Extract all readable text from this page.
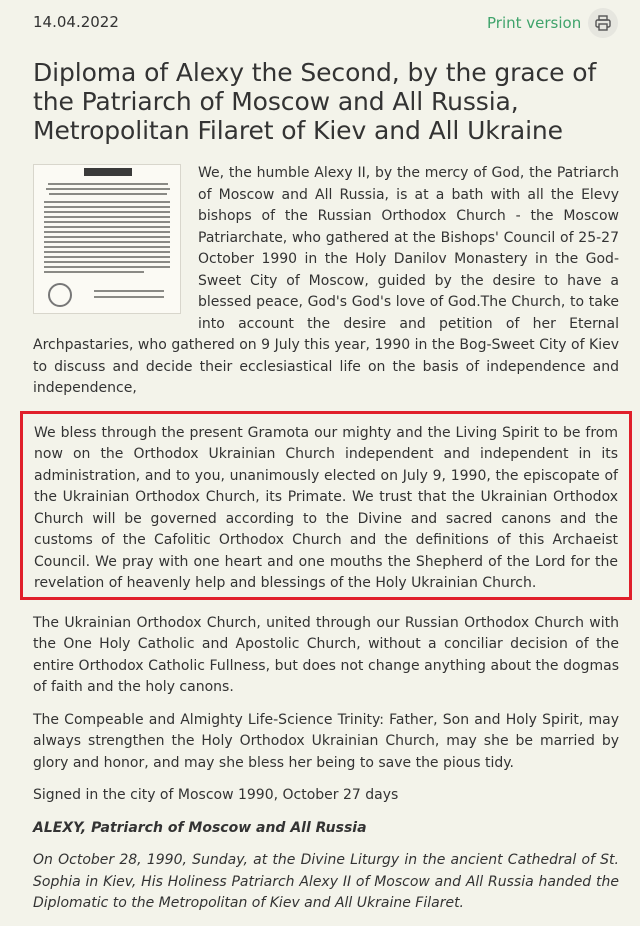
14.04.2022	Print version
Diploma of Alexy the Second, by the grace of the Patriarch of Moscow and All Russia, Metropolitan Filaret of Kiev and All Ukraine

We, the humble Alexy II, by the mercy of God, the Patriarch of Moscow and All Russia, is at a bath with all the Elevy bishops of the Russian Orthodox Church - the Moscow Patriarchate, who gathered at the Bishops' Council of 25-27 October 1990 in the Holy Danilov Monastery in the God-Sweet City of Moscow, guided by the desire to have a blessed peace, God's God's love of God.The Church, to take into account the desire and petition of her Eternal Archpastaries, who gathered on 9 July this year, 1990 in the Bog-Sweet City of Kiev to discuss and decide their ecclesiastical life on the basis of independence and independence,

We bless through the present Gramota our mighty and the Living Spirit to be from now on the Orthodox Ukrainian Church independent and independent in its administration, and to you, unanimously elected on July 9, 1990, the episcopate of the Ukrainian Orthodox Church, its Primate. We trust that the Ukrainian Orthodox Church will be governed according to the Divine and sacred canons and the customs of the Cafolitic Orthodox Church and the definitions of this Archaeist Council. We pray with one heart and one mouths the Shepherd of the Lord for the revelation of heavenly help and blessings of the Holy Ukrainian Church.

The Ukrainian Orthodox Church, united through our Russian Orthodox Church with the One Holy Catholic and Apostolic Church, without a conciliar decision of the entire Orthodox Catholic Fullness, but does not change anything about the dogmas of faith and the holy canons.

The Compeable and Almighty Life-Science Trinity: Father, Son and Holy Spirit, may always strengthen the Holy Orthodox Ukrainian Church, may she be married by glory and honor, and may she bless her being to save the pious tidy.

Signed in the city of Moscow 1990, October 27 days

ALEXY, Patriarch of Moscow and All Russia

On October 28, 1990, Sunday, at the Divine Liturgy in the ancient Cathedral of St. Sophia in Kiev, His Holiness Patriarch Alexy II of Moscow and All Russia handed the Diplomatic to the Metropolitan of Kiev and All Ukraine Filaret.
